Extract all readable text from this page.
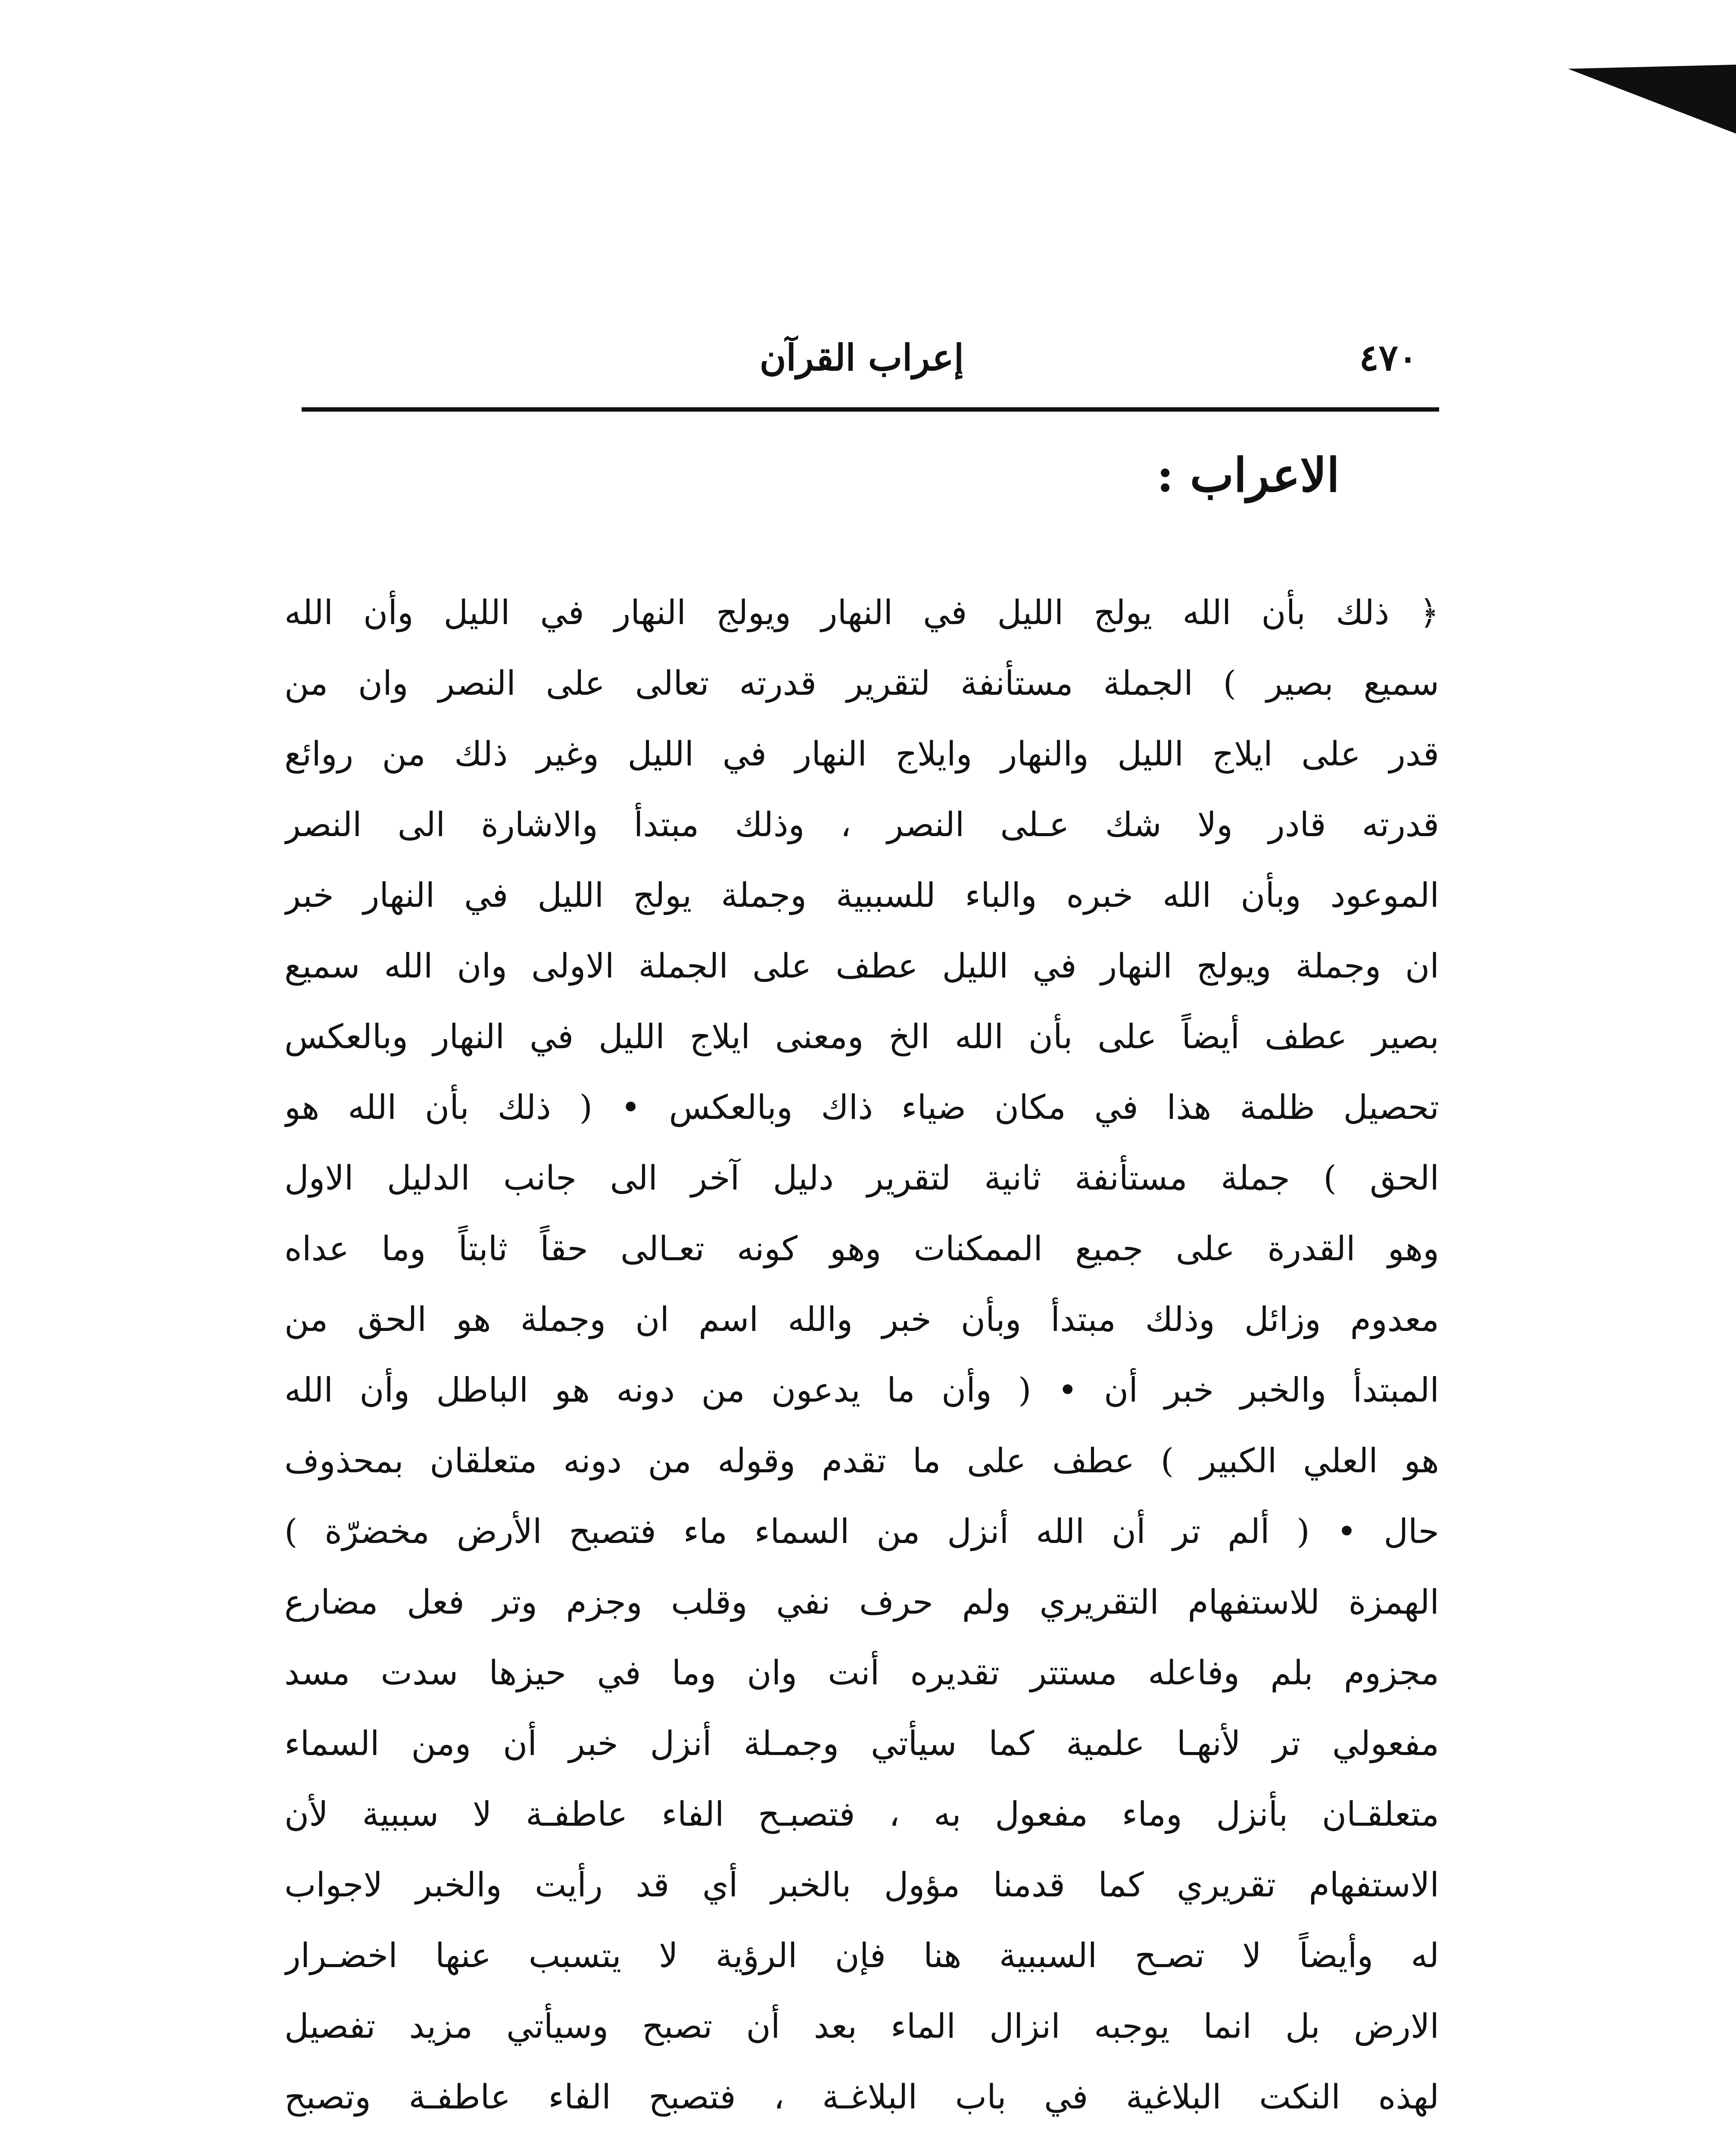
٤٧٠
إعراب القرآن
الاعراب :
﴿ ذلك بأن الله يولج الليل في النهار ويولج النهار في الليل وأن الله
سميع بصير ) الجملة مستأنفة لتقرير قدرته تعالى على النصر وان من
قدر على ايلاج الليل والنهار وايلاج النهار في الليل وغير ذلك من روائع
قدرته قادر ولا شك عـلى النصر ، وذلك مبتدأ والاشارة الى النصر
الموعود وبأن الله خبره والباء للسببية وجملة يولج الليل في النهار خبر
ان وجملة ويولج النهار في الليل عطف على الجملة الاولى وان الله سميع
بصير عطف أيضاً على بأن الله الخ ومعنى ايلاج الليل في النهار وبالعكس
تحصيل ظلمة هذا في مكان ضياء ذاك وبالعكس • ( ذلك بأن الله هو
الحق ) جملة مستأنفة ثانية لتقرير دليل آخر الى جانب الدليل الاول
وهو القدرة على جميع الممكنات وهو كونه تعـالى حقاً ثابتاً وما عداه
معدوم وزائل وذلك مبتدأ وبأن خبر والله اسم ان وجملة هو الحق من
المبتدأ والخبر خبر أن • ( وأن ما يدعون من دونه هو الباطل وأن الله
هو العلي الكبير ) عطف على ما تقدم وقوله من دونه متعلقان بمحذوف
حال • ( ألم تر أن الله أنزل من السماء ماء فتصبح الأرض مخضرّة )
الهمزة للاستفهام التقريري ولم حرف نفي وقلب وجزم وتر فعل مضارع
مجزوم بلم وفاعله مستتر تقديره أنت وان وما في حيزها سدت مسد
مفعولي تر لأنهـا علمية كما سيأتي وجمـلة أنزل خبر أن ومن السماء
متعلقـان بأنزل وماء مفعول به ، فتصبـح الفاء عاطفـة لا سببية لأن
الاستفهام تقريري كما قدمنا مؤول بالخبر أي قد رأيت والخبر لاجواب
له وأيضاً لا تصـح السببية هنا فإن الرؤية لا يتسبب عنها اخضـرار
الارض بل انما يوجبه انزال الماء بعد أن تصبح وسيأتي مزيد تفصيل
لهذه النكت البلاغية في باب البلاغـة ، فتصبح الفاء عاطفـة وتصبح
